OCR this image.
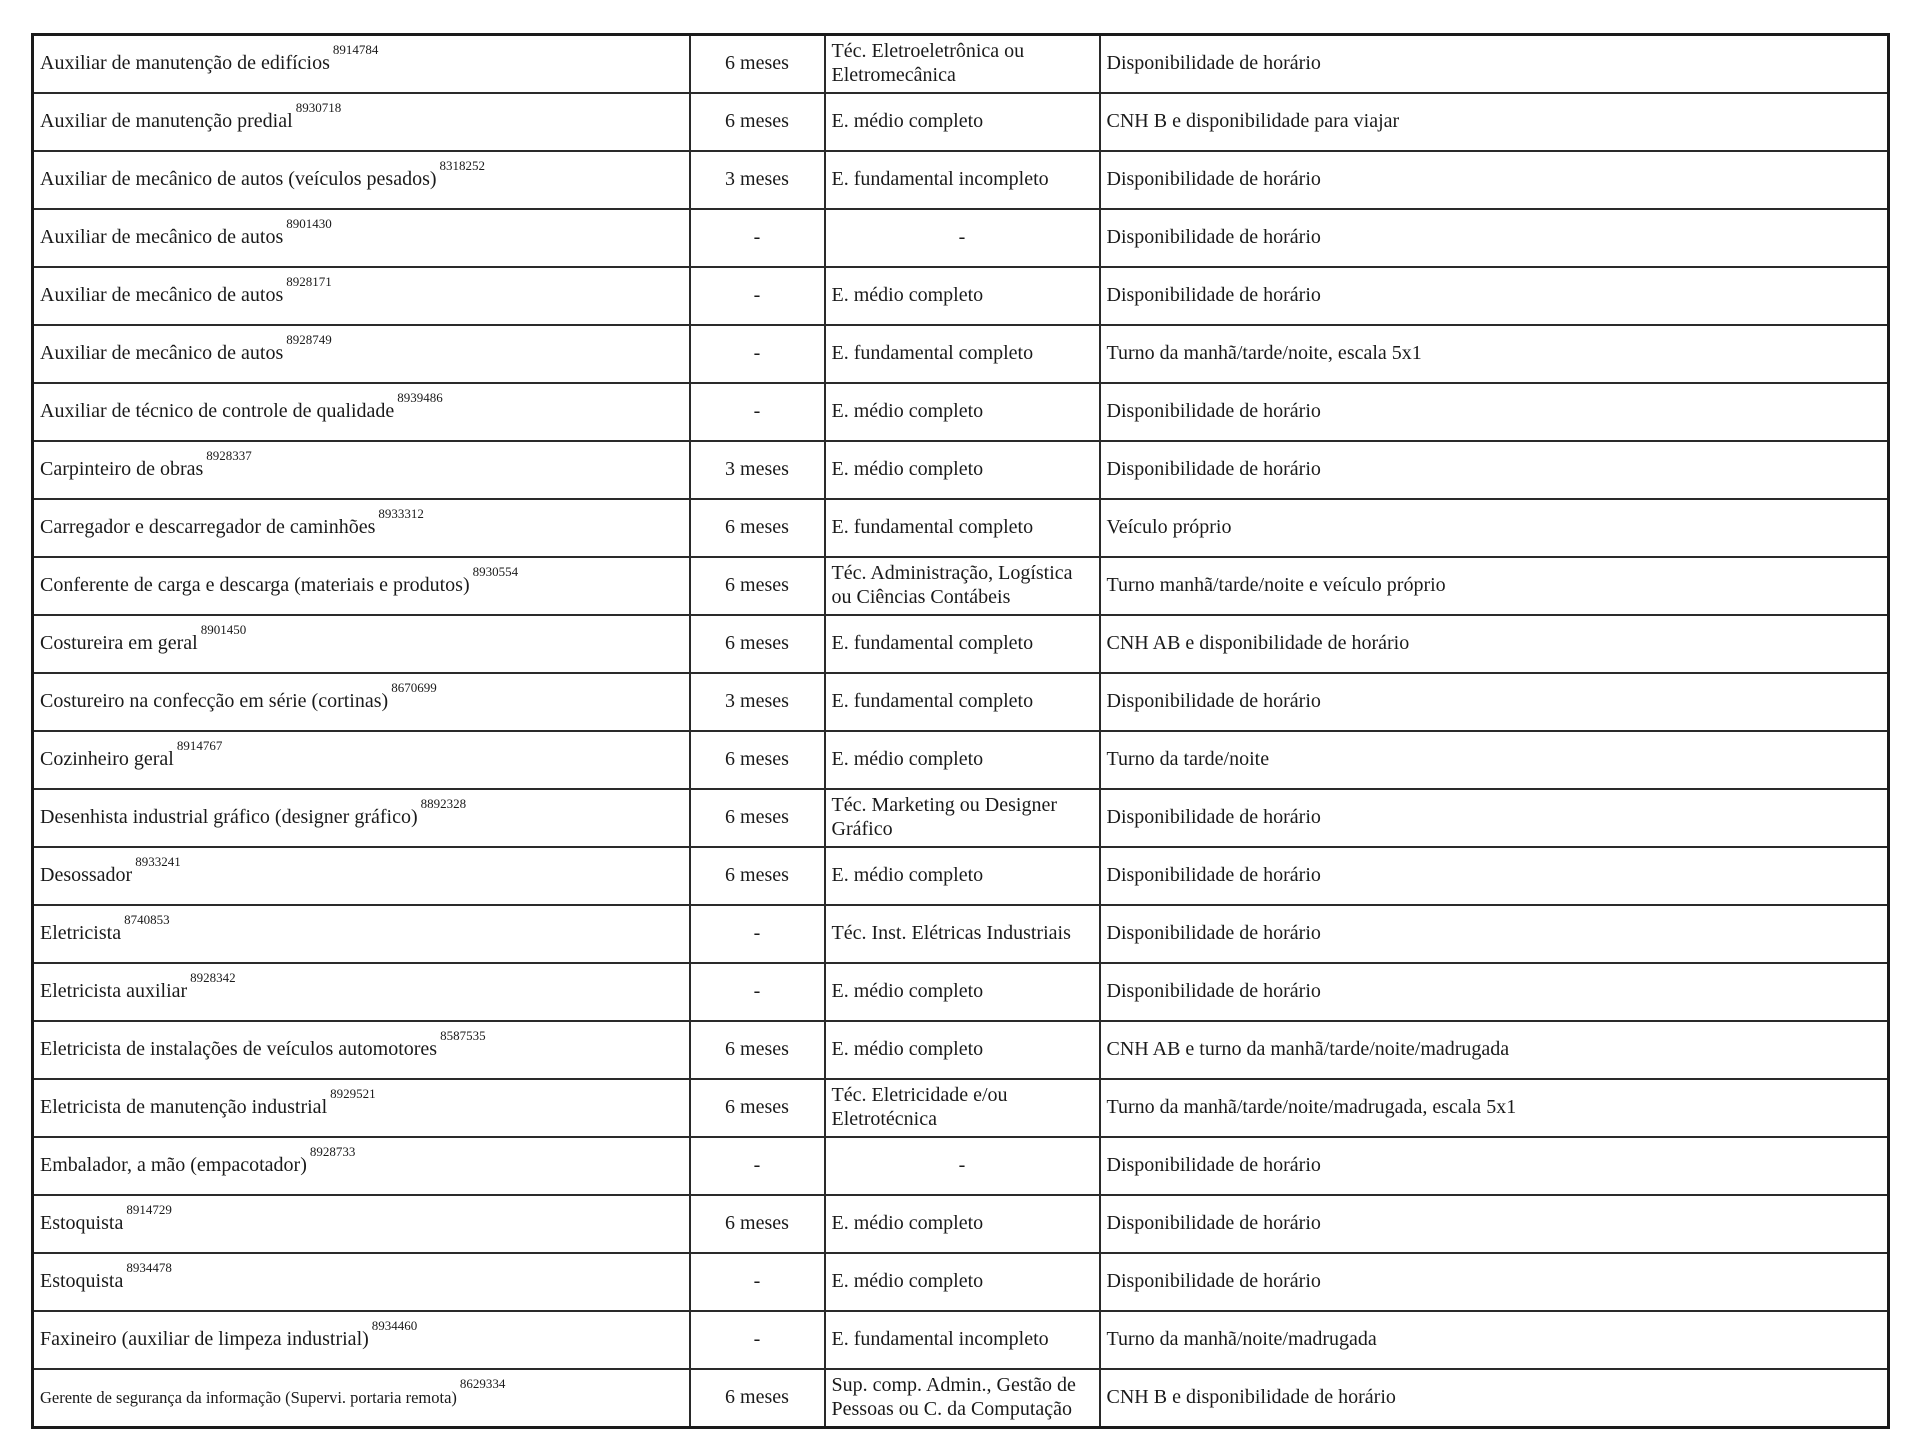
Auxiliar de manutenção de edifícios$^{8914784}$	6 meses	Téc. Eletroeletrônica ou Eletromecânica	Disponibilidade de horário
Auxiliar de manutenção predial$^{8930718}$	6 meses	E. médio completo	CNH B e disponibilidade para viajar
Auxiliar de mecânico de autos (veículos pesados)$^{8318252}$	3 meses	E. fundamental incompleto	Disponibilidade de horário
Auxiliar de mecânico de autos$^{8901430}$	-	-	Disponibilidade de horário
Auxiliar de mecânico de autos$^{8928171}$	-	E. médio completo	Disponibilidade de horário
Auxiliar de mecânico de autos$^{8928749}$	-	E. fundamental completo	Turno da manhã/tarde/noite, escala 5x1
Auxiliar de técnico de controle de qualidade$^{8939486}$	-	E. médio completo	Disponibilidade de horário
Carpinteiro de obras$^{8928337}$	3 meses	E. médio completo	Disponibilidade de horário
Carregador e descarregador de caminhões$^{8933312}$	6 meses	E. fundamental completo	Veículo próprio
Conferente de carga e descarga (materiais e produtos)$^{8930554}$	6 meses	Téc. Administração, Logística ou Ciências Contábeis	Turno manhã/tarde/noite e veículo próprio
Costureira em geral$^{8901450}$	6 meses	E. fundamental completo	CNH AB e disponibilidade de horário
Costureiro na confecção em série (cortinas)$^{8670699}$	3 meses	E. fundamental completo	Disponibilidade de horário
Cozinheiro geral$^{8914767}$	6 meses	E. médio completo	Turno da tarde/noite
Desenhista industrial gráfico (designer gráfico)$^{8892328}$	6 meses	Téc. Marketing ou Designer Gráfico	Disponibilidade de horário
Desossador$^{8933241}$	6 meses	E. médio completo	Disponibilidade de horário
Eletricista$^{8740853}$	-	Téc. Inst. Elétricas Industriais	Disponibilidade de horário
Eletricista auxiliar$^{8928342}$	-	E. médio completo	Disponibilidade de horário
Eletricista de instalações de veículos automotores$^{8587535}$	6 meses	E. médio completo	CNH AB e turno da manhã/tarde/noite/madrugada
Eletricista de manutenção industrial$^{8929521}$	6 meses	Téc. Eletricidade e/ou Eletrotécnica	Turno da manhã/tarde/noite/madrugada, escala 5x1
Embalador, a mão (empacotador)$^{8928733}$	-	-	Disponibilidade de horário
Estoquista$^{8914729}$	6 meses	E. médio completo	Disponibilidade de horário
Estoquista$^{8934478}$	-	E. médio completo	Disponibilidade de horário
Faxineiro (auxiliar de limpeza industrial)$^{8934460}$	-	E. fundamental incompleto	Turno da manhã/noite/madrugada
Gerente de segurança da informação (Supervi. portaria remota)$^{8629334}$	6 meses	Sup. comp. Admin., Gestão de Pessoas ou C. da Computação	CNH B e disponibilidade de horário
